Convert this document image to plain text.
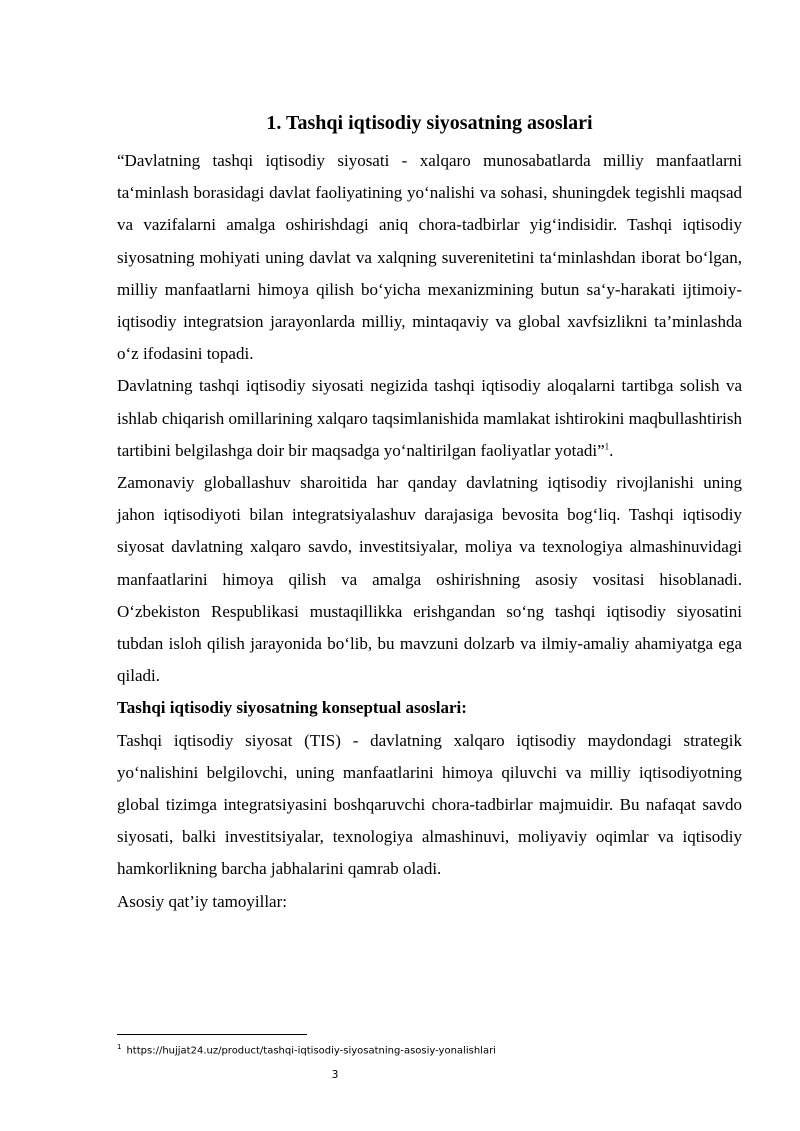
1. Tashqi iqtisodiy siyosatning asoslari

“Davlatning tashqi iqtisodiy siyosati - xalqaro munosabatlarda milliy manfaatlarni ta‘minlash borasidagi davlat faoliyatining yo‘nalishi va sohasi, shuningdek tegishli maqsad va vazifalarni amalga oshirishdagi aniq chora-tadbirlar yig‘indisidir. Tashqi iqtisodiy siyosatning mohiyati uning davlat va xalqning suverenitetini ta‘minlashdan iborat bo‘lgan, milliy manfaatlarni himoya qilish bo‘yicha mexanizmining butun sa‘y-harakati ijtimoiy-iqtisodiy integratsion jarayonlarda milliy, mintaqaviy va global xavfsizlikni ta’minlashda o‘z ifodasini topadi.

Davlatning tashqi iqtisodiy siyosati negizida tashqi iqtisodiy aloqalarni tartibga solish va ishlab chiqarish omillarining xalqaro taqsimlanishida mamlakat ishtirokini maqbullashtirish tartibini belgilashga doir bir maqsadga yo‘naltirilgan faoliyatlar yotadi”$^1$.

Zamonaviy globallashuv sharoitida har qanday davlatning iqtisodiy rivojlanishi uning jahon iqtisodiyoti bilan integratsiyalashuv darajasiga bevosita bog‘liq. Tashqi iqtisodiy siyosat davlatning xalqaro savdo, investitsiyalar, moliya va texnologiya almashinuvidagi manfaatlarini himoya qilish va amalga oshirishning asosiy vositasi hisoblanadi. O‘zbekiston Respublikasi mustaqillikka erishgandan so‘ng tashqi iqtisodiy siyosatini tubdan isloh qilish jarayonida bo‘lib, bu mavzuni dolzarb va ilmiy-amaliy ahamiyatga ega qiladi.

Tashqi iqtisodiy siyosatning konseptual asoslari:

Tashqi iqtisodiy siyosat (TIS) - davlatning xalqaro iqtisodiy maydondagi strategik yo‘nalishini belgilovchi, uning manfaatlarini himoya qiluvchi va milliy iqtisodiyotning global tizimga integratsiyasini boshqaruvchi chora-tadbirlar majmuidir. Bu nafaqat savdo siyosati, balki investitsiyalar, texnologiya almashinuvi, moliyaviy oqimlar va iqtisodiy hamkorlikning barcha jabhalarini qamrab oladi.

Asosiy qat’iy tamoyillar:

$^1$ https://hujjat24.uz/product/tashqi-iqtisodiy-siyosatning-asosiy-yonalishlari
3
